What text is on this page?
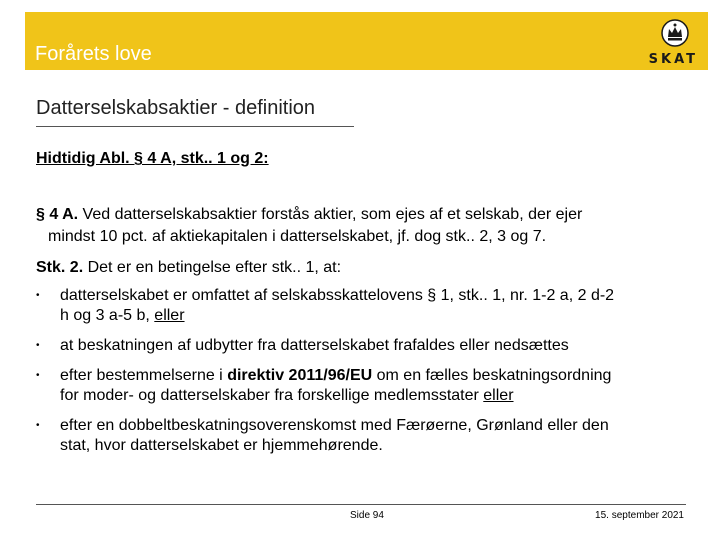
Forårets love	SKAT
Datterselskabsaktier - definition
Hidtidig Abl. § 4 A, stk.. 1 og 2:
§ 4 A. Ved datterselskabsaktier forstås aktier, som ejes af et selskab, der ejer
mindst 10 pct. af aktiekapitalen i datterselskabet, jf. dog stk.. 2, 3 og 7.
Stk. 2. Det er en betingelse efter stk.. 1, at:
• datterselskabet er omfattet af selskabsskattelovens § 1, stk.. 1, nr. 1-2 a, 2 d-2
h og 3 a-5 b, eller
• at beskatningen af udbytter fra datterselskabet frafaldes eller nedsættes
• efter bestemmelserne i direktiv 2011/96/EU om en fælles beskatningsordning
for moder- og datterselskaber fra forskellige medlemsstater eller
• efter en dobbeltbeskatningsoverenskomst med Færøerne, Grønland eller den
stat, hvor datterselskabet er hjemmehørende.
Side 94	15. september 2021
